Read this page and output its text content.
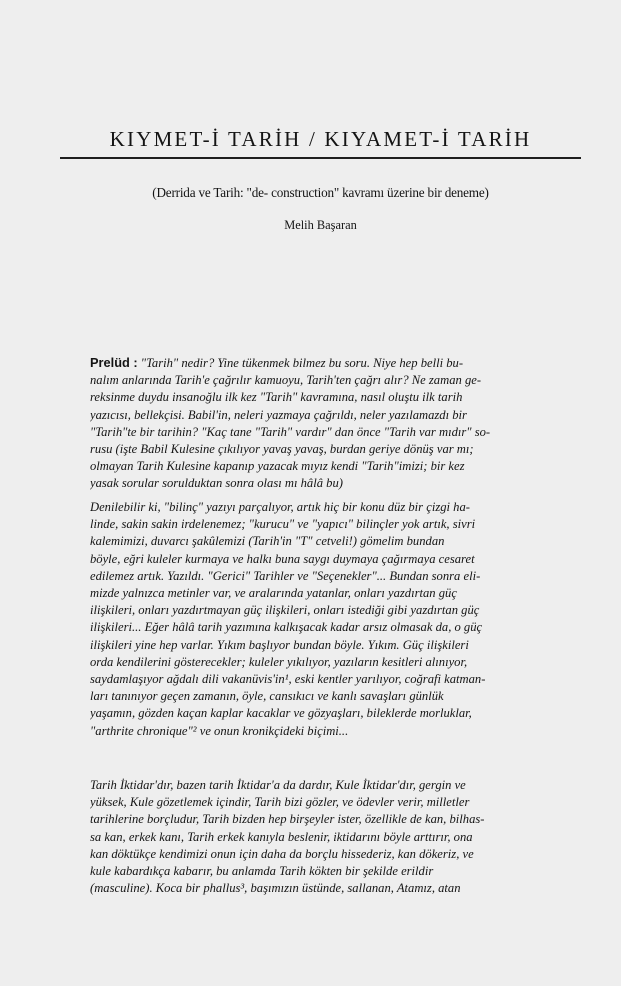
KIYMET-İ TARİH / KIYAMET-İ TARİH
(Derrida ve Tarih: "de- construction" kavramı üzerine bir deneme)
Melih Başaran
Prelüd : "Tarih" nedir? Yine tükenmek bilmez bu soru. Niye hep belli bu-
nalım anlarında Tarih'e çağrılır kamuoyu, Tarih'ten çağrı alır? Ne zaman ge-
reksinme duydu insanoğlu ilk kez "Tarih" kavramına, nasıl oluştu ilk tarih
yazıcısı, bellekçisi. Babil'in, neleri yazmaya çağrıldı, neler yazılamazdı bir
"Tarih"te bir tarihin? "Kaç tane "Tarih" vardır" dan önce "Tarih var mıdır" so-
rusu (işte Babil Kulesine çıkılıyor yavaş yavaş, burdan geriye dönüş var mı;
olmayan Tarih Kulesine kapanıp yazacak mıyız kendi "Tarih"imizi; bir kez
yasak sorular sorulduktan sonra olası mı hâlâ bu)
Denilebilir ki, "bilinç" yazıyı parçalıyor, artık hiç bir konu düz bir çizgi ha-
linde, sakin sakin irdelenemez; "kurucu" ve "yapıcı" bilinçler yok artık, sivri
kalemimizi, duvarcı şakûlemizi (Tarih'in "T" cetveli!) gömelim bundan
böyle, eğri kuleler kurmaya ve halkı buna saygı duymaya çağırmaya cesaret
edilemez artık. Yazıldı. "Gerici" Tarihler ve "Seçenekler"... Bundan sonra eli-
mizde yalnızca metinler var, ve aralarında yatanlar, onları yazdırtan güç
ilişkileri, onları yazdırtmayan güç ilişkileri, onları istediği gibi yazdırtan güç
ilişkileri... Eğer hâlâ tarih yazımına kalkışacak kadar arsız olmasak da, o güç
ilişkileri yine hep varlar. Yıkım başlıyor bundan böyle. Yıkım. Güç ilişkileri
orda kendilerini gösterecekler; kuleler yıkılıyor, yazıların kesitleri alınıyor,
saydamlaşıyor ağdalı dili vakanüvis'in¹, eski kentler yarılıyor, coğrafi katman-
ları tanınıyor geçen zamanın, öyle, cansıkıcı ve kanlı savaşları günlük
yaşamın, gözden kaçan kaplar kacaklar ve gözyaşları, bileklerde morluklar,
"arthrite chronique"² ve onun kronikçideki biçimi...
Tarih İktidar'dır, bazen tarih İktidar'a da dardır, Kule İktidar'dır, gergin ve
yüksek, Kule gözetlemek içindir, Tarih bizi gözler, ve ödevler verir, milletler
tarihlerine borçludur, Tarih bizden hep birşeyler ister, özellikle de kan, bilhas-
sa kan, erkek kanı, Tarih erkek kanıyla beslenir, iktidarını böyle arttırır, ona
kan döktükçe kendimizi onun için daha da borçlu hissederiz, kan dökeriz, ve
kule kabardıkça kabarır, bu anlamda Tarih kökten bir şekilde erildir
(masculine). Koca bir phallus³, başımızın üstünde, sallanan, Atamız, atan
